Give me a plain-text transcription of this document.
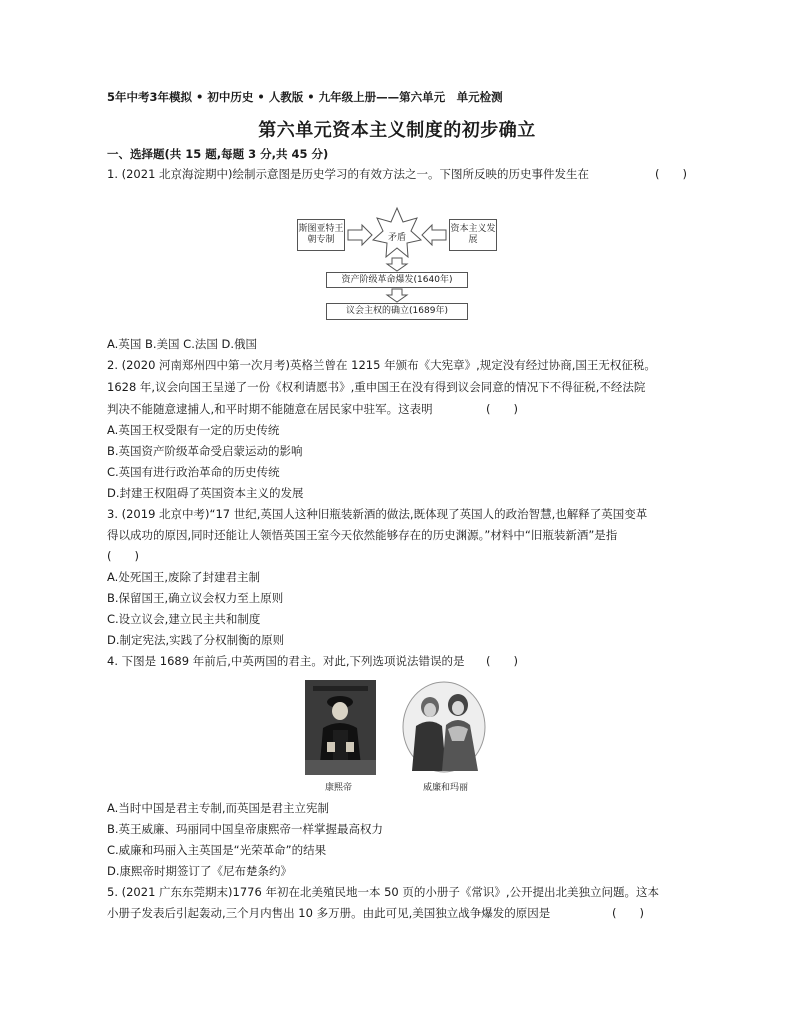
5年中考3年模拟 • 初中历史 • 人教版 • 九年级上册——第六单元　单元检测
第六单元资本主义制度的初步确立
一、选择题(共 15 题,每题 3 分,共 45 分)
1. (2021 北京海淀期中)绘制示意图是历史学习的有效方法之一。下图所反映的历史事件发生在	(　　)
斯图亚特王朝专制	矛盾
资本主义发展
资产阶级革命爆发(1640年)
议会主权的确立(1689年)
A.英国 B.美国 C.法国 D.俄国
2. (2020 河南郑州四中第一次月考)英格兰曾在 1215 年颁布《大宪章》,规定没有经过协商,国王无权征税。
1628 年,议会向国王呈递了一份《权利请愿书》,重申国王在没有得到议会同意的情况下不得征税,不经法院
判决不能随意逮捕人,和平时期不能随意在居民家中驻军。这表明	(　　)
A.英国王权受限有一定的历史传统
B.英国资产阶级革命受启蒙运动的影响
C.英国有进行政治革命的历史传统
D.封建王权阻碍了英国资本主义的发展
3. (2019 北京中考)“17 世纪,英国人这种旧瓶装新酒的做法,既体现了英国人的政治智慧,也解释了英国变革
得以成功的原因,同时还能让人领悟英国王室今天依然能够存在的历史渊源。”材料中“旧瓶装新酒”是指
(　　)
A.处死国王,废除了封建君主制
B.保留国王,确立议会权力至上原则
C.设立议会,建立民主共和制度
D.制定宪法,实践了分权制衡的原则
4. 下图是 1689 年前后,中英两国的君主。对此,下列选项说法错误的是 (　　)
康熙帝	威廉和玛丽
A.当时中国是君主专制,而英国是君主立宪制
B.英王威廉、玛丽同中国皇帝康熙帝一样掌握最高权力
C.威廉和玛丽入主英国是“光荣革命”的结果
D.康熙帝时期签订了《尼布楚条约》
5. (2021 广东东莞期末)1776 年初在北美殖民地一本 50 页的小册子《常识》,公开提出北美独立问题。这本
小册子发表后引起轰动,三个月内售出 10 多万册。由此可见,美国独立战争爆发的原因是	(　　)
